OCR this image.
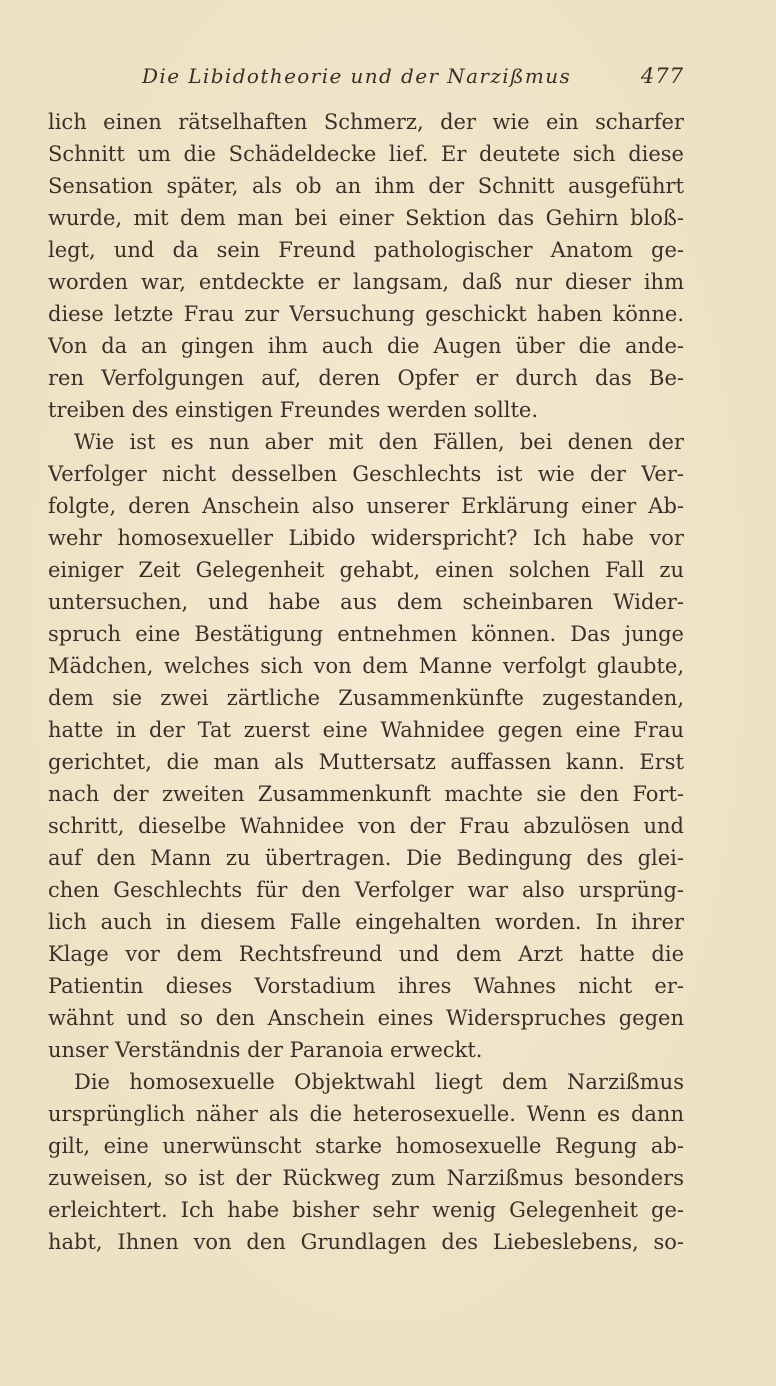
Die Libidotheorie und der Narzißmus	477
lich einen rätselhaften Schmerz, der wie ein scharfer
Schnitt um die Schädeldecke lief. Er deutete sich diese
Sensation später, als ob an ihm der Schnitt ausgeführt
wurde, mit dem man bei einer Sektion das Gehirn bloß-
legt, und da sein Freund pathologischer Anatom ge-
worden war, entdeckte er langsam, daß nur dieser ihm
diese letzte Frau zur Versuchung geschickt haben könne.
Von da an gingen ihm auch die Augen über die ande-
ren Verfolgungen auf, deren Opfer er durch das Be-
treiben des einstigen Freundes werden sollte.
Wie ist es nun aber mit den Fällen, bei denen der
Verfolger nicht desselben Geschlechts ist wie der Ver-
folgte, deren Anschein also unserer Erklärung einer Ab-
wehr homosexueller Libido widerspricht? Ich habe vor
einiger Zeit Gelegenheit gehabt, einen solchen Fall zu
untersuchen, und habe aus dem scheinbaren Wider-
spruch eine Bestätigung entnehmen können. Das junge
Mädchen, welches sich von dem Manne verfolgt glaubte,
dem sie zwei zärtliche Zusammenkünfte zugestanden,
hatte in der Tat zuerst eine Wahnidee gegen eine Frau
gerichtet, die man als Muttersatz auffassen kann. Erst
nach der zweiten Zusammenkunft machte sie den Fort-
schritt, dieselbe Wahnidee von der Frau abzulösen und
auf den Mann zu übertragen. Die Bedingung des glei-
chen Geschlechts für den Verfolger war also ursprüng-
lich auch in diesem Falle eingehalten worden. In ihrer
Klage vor dem Rechtsfreund und dem Arzt hatte die
Patientin dieses Vorstadium ihres Wahnes nicht er-
wähnt und so den Anschein eines Widerspruches gegen
unser Verständnis der Paranoia erweckt.
Die homosexuelle Objektwahl liegt dem Narzißmus
ursprünglich näher als die heterosexuelle. Wenn es dann
gilt, eine unerwünscht starke homosexuelle Regung ab-
zuweisen, so ist der Rückweg zum Narzißmus besonders
erleichtert. Ich habe bisher sehr wenig Gelegenheit ge-
habt, Ihnen von den Grundlagen des Liebeslebens, so-
